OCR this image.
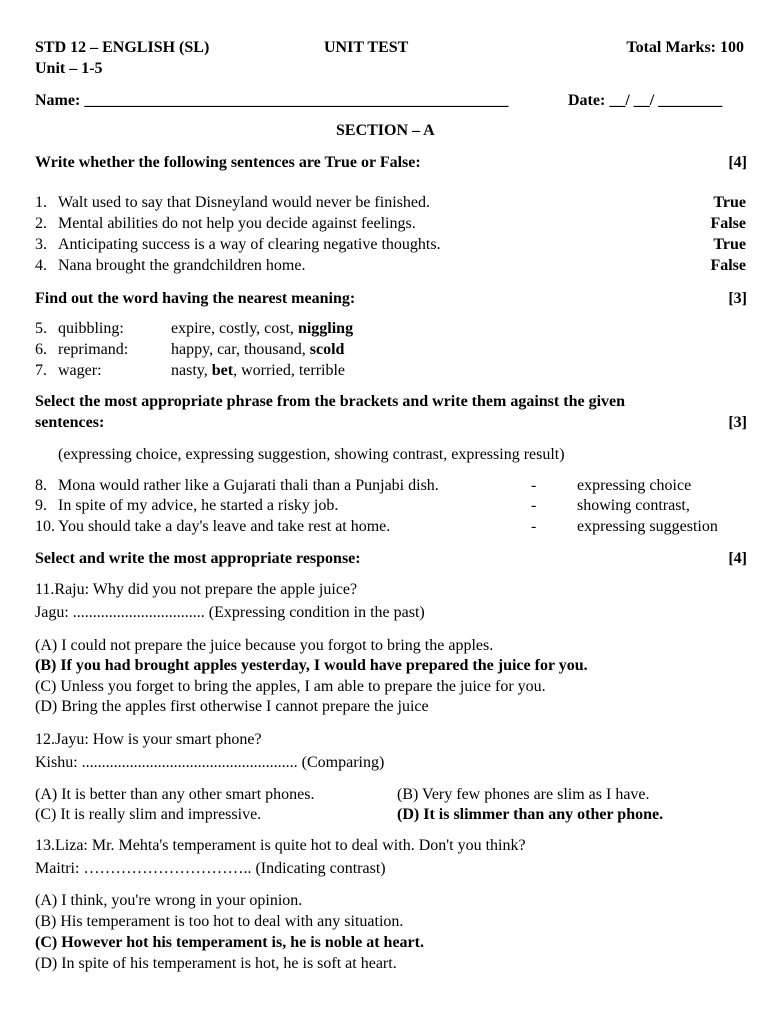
STD 12 – ENGLISH (SL)	UNIT TEST	Total Marks: 100
Unit – 1-5
Name: _____________________________________________________	Date: __/ __/ ________
SECTION – A
Write whether the following sentences are True or False:	[4]
1. Walt used to say that Disneyland would never be finished.	True
2. Mental abilities do not help you decide against feelings.	False
3. Anticipating success is a way of clearing negative thoughts.	True
4. Nana brought the grandchildren home.	False
Find out the word having the nearest meaning:	[3]
5. quibbling:	expire, costly, cost, niggling
6. reprimand:	happy, car, thousand, scold
7. wager:	nasty, bet, worried, terrible
Select the most appropriate phrase from the brackets and write them against the given
sentences:	[3]
(expressing choice, expressing suggestion, showing contrast, expressing result)
8. Mona would rather like a Gujarati thali than a Punjabi dish.	-	expressing choice
9. In spite of my advice, he started a risky job.	-	showing contrast,
10. You should take a day's leave and take rest at home.	-	expressing suggestion
Select and write the most appropriate response:	[4]
11.Raju: Why did you not prepare the apple juice?
Jagu: ................................. (Expressing condition in the past)
(A) I could not prepare the juice because you forgot to bring the apples.
(B) If you had brought apples yesterday, I would have prepared the juice for you.
(C) Unless you forget to bring the apples, I am able to prepare the juice for you.
(D) Bring the apples first otherwise I cannot prepare the juice
12.Jayu: How is your smart phone?
Kishu: ...................................................... (Comparing)
(A) It is better than any other smart phones.	(B) Very few phones are slim as I have.
(C) It is really slim and impressive.	(D) It is slimmer than any other phone.
13.Liza: Mr. Mehta's temperament is quite hot to deal with. Don't you think?
Maitri: ………………………….. (Indicating contrast)
(A) I think, you're wrong in your opinion.
(B) His temperament is too hot to deal with any situation.
(C) However hot his temperament is, he is noble at heart.
(D) In spite of his temperament is hot, he is soft at heart.
